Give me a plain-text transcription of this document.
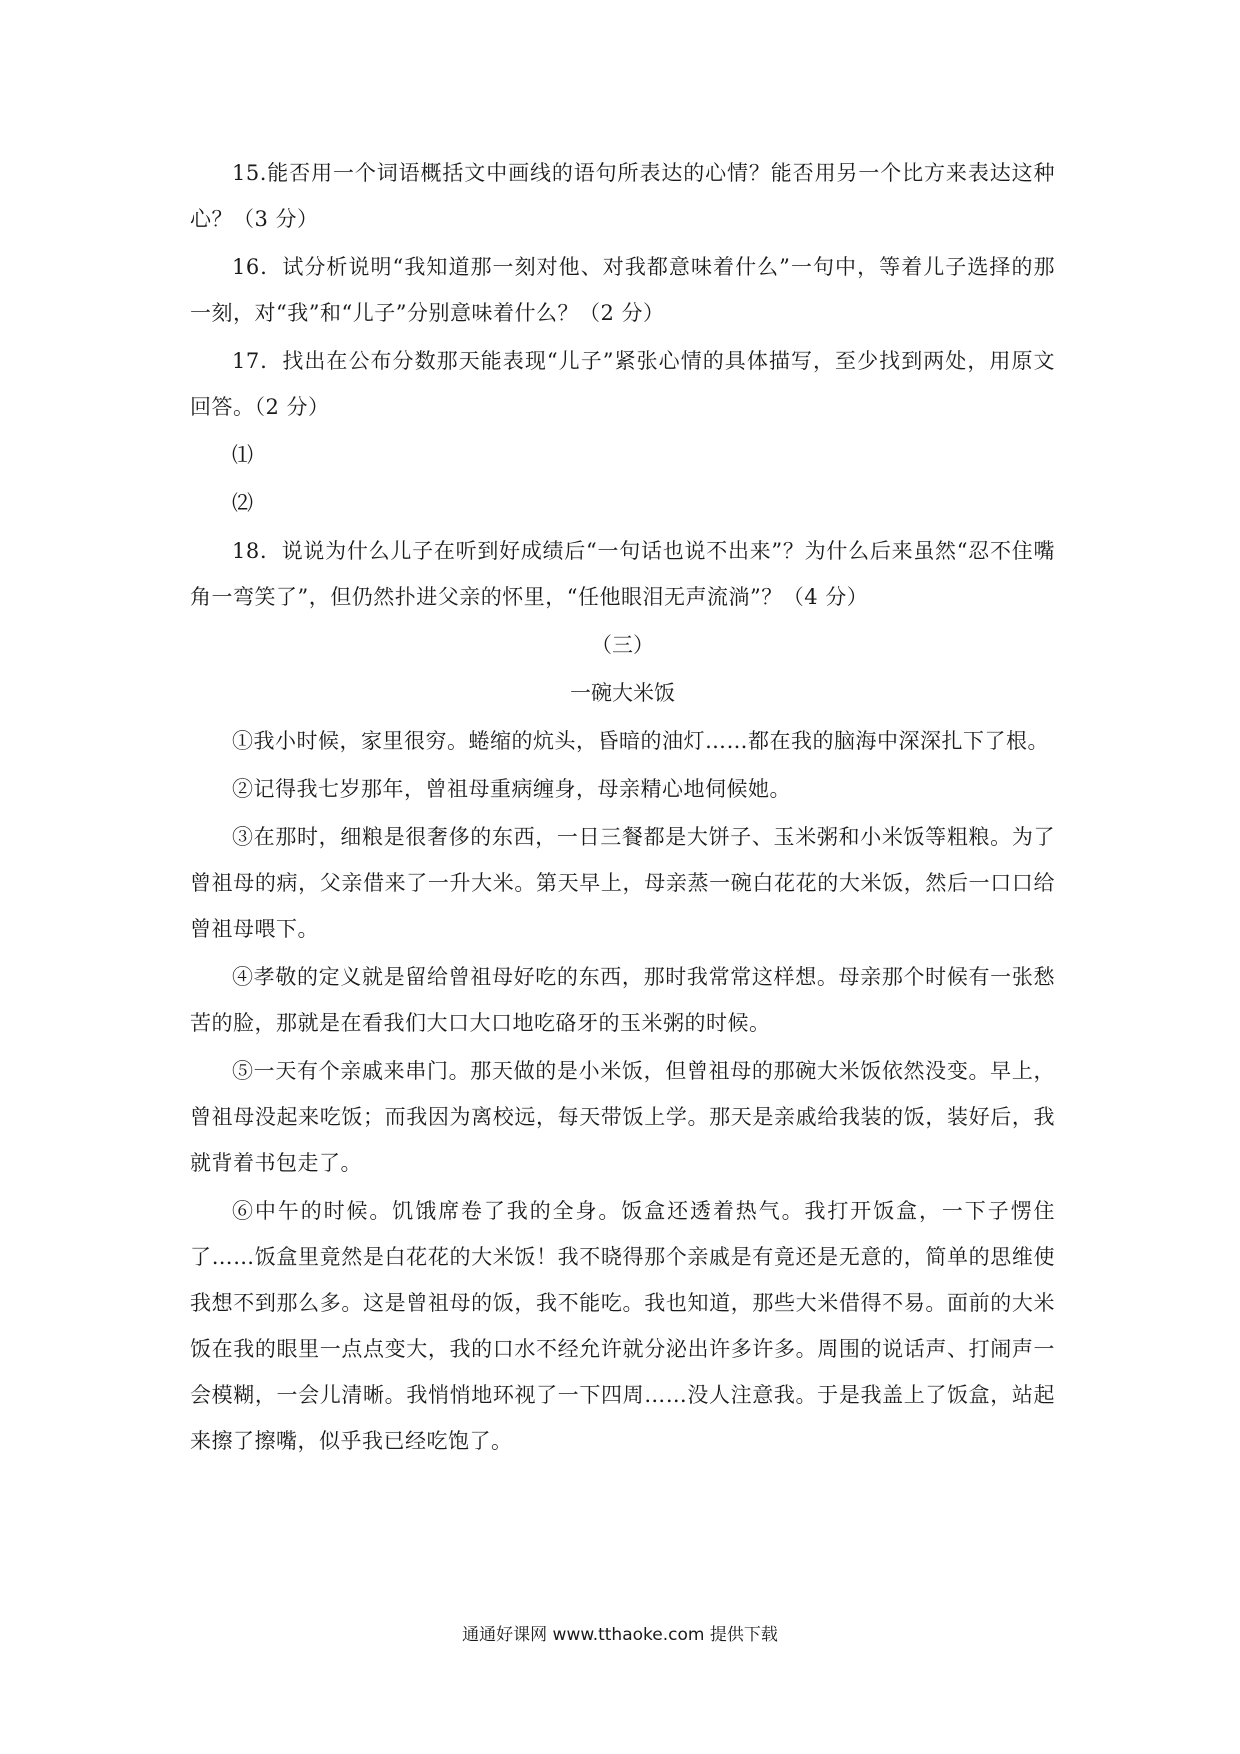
15.能否用一个词语概括文中画线的语句所表达的心情？能否用另一个比方来表达这种心？（3 分）

16．试分析说明“我知道那一刻对他、对我都意味着什么”一句中，等着儿子选择的那一刻，对“我”和“儿子”分别意味着什么？（2 分）

17．找出在公布分数那天能表现“儿子”紧张心情的具体描写，至少找到两处，用原文回答。（2 分）

⑴

⑵

18．说说为什么儿子在听到好成绩后“一句话也说不出来”？为什么后来虽然“忍不住嘴角一弯笑了”，但仍然扑进父亲的怀里，“任他眼泪无声流淌”？（4 分）

（三）

一碗大米饭

①我小时候，家里很穷。蜷缩的炕头，昏暗的油灯……都在我的脑海中深深扎下了根。

②记得我七岁那年，曾祖母重病缠身，母亲精心地伺候她。

③在那时，细粮是很奢侈的东西，一日三餐都是大饼子、玉米粥和小米饭等粗粮。为了曾祖母的病，父亲借来了一升大米。第天早上，母亲蒸一碗白花花的大米饭，然后一口口给曾祖母喂下。

④孝敬的定义就是留给曾祖母好吃的东西，那时我常常这样想。母亲那个时候有一张愁苦的脸，那就是在看我们大口大口地吃硌牙的玉米粥的时候。

⑤一天有个亲戚来串门。那天做的是小米饭，但曾祖母的那碗大米饭依然没变。早上，曾祖母没起来吃饭；而我因为离校远，每天带饭上学。那天是亲戚给我装的饭，装好后，我就背着书包走了。

⑥中午的时候。饥饿席卷了我的全身。饭盒还透着热气。我打开饭盒，一下子愣住了……饭盒里竟然是白花花的大米饭！我不晓得那个亲戚是有竟还是无意的，简单的思维使我想不到那么多。这是曾祖母的饭，我不能吃。我也知道，那些大米借得不易。面前的大米饭在我的眼里一点点变大，我的口水不经允许就分泌出许多许多。周围的说话声、打闹声一会模糊，一会儿清晰。我悄悄地环视了一下四周……没人注意我。于是我盖上了饭盒，站起来擦了擦嘴，似乎我已经吃饱了。

通通好课网 www.tthaoke.com 提供下载
